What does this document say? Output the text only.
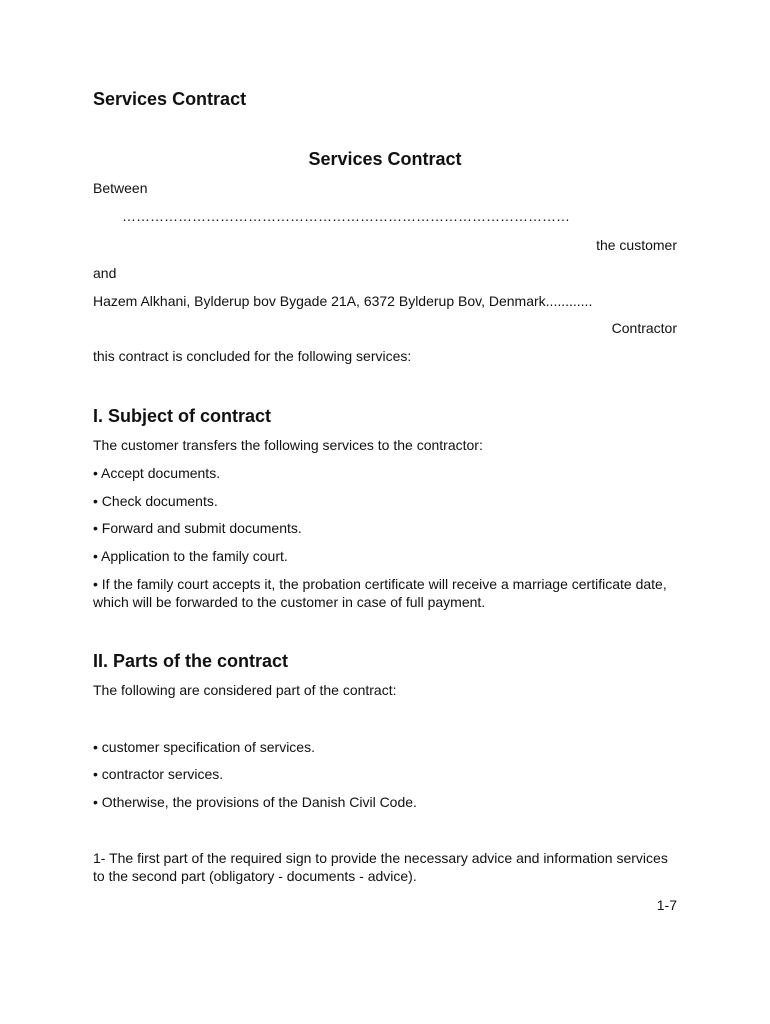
Services Contract
Services Contract
Between
……………………………………………………………………………………
the customer
and
Hazem Alkhani, Bylderup bov Bygade 21A, 6372 Bylderup Bov, Denmark............
Contractor
this contract is concluded for the following services:
I. Subject of contract
The customer transfers the following services to the contractor:
• Accept documents.
• Check documents.
• Forward and submit documents.
• Application to the family court.
• If the family court accepts it, the probation certificate will receive a marriage certificate date, which will be forwarded to the customer in case of full payment.
II. Parts of the contract
The following are considered part of the contract:
• customer specification of services.
• contractor services.
• Otherwise, the provisions of the Danish Civil Code.
1- The first part of the required sign to provide the necessary advice and information services to the second part (obligatory - documents - advice).
1-7
